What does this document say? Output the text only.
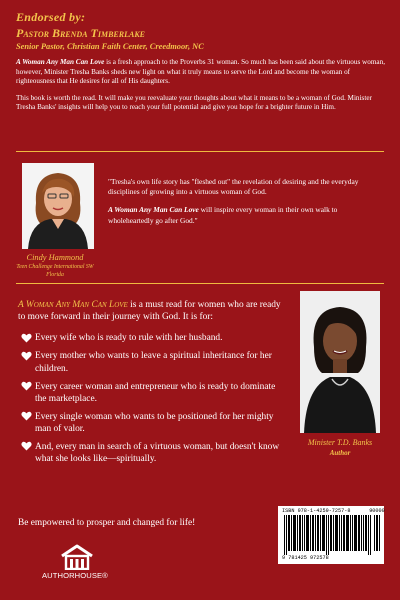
Endorsed by:
Pastor Brenda Timberlake
Senior Pastor, Christian Faith Center, Creedmoor, NC

A Woman Any Man Can Love is a fresh approach to the Proverbs 31 woman. So much has been said about the virtuous woman, however, Minister Tresha Banks sheds new light on what it truly means to serve the Lord and become the woman of righteousness that He desires for all of His daughters.

This book is worth the read. It will make you reevaluate your thoughts about what it means to be a woman of God. Minister Tresha Banks' insights will help you to reach your full potential and give you hope for a brighter future in Him.

Cindy Hammond
Teen Challenge International SW Florida

"Tresha's own life story has "fleshed out" the revelation of desiring and the everyday disciplines of growing into a virtuous woman of God.

A Woman Any Man Can Love will inspire every woman in their own walk to wholeheartedly go after God."

A Woman Any Man Can Love is a must read for women who are ready to move forward in their journey with God. It is for:

Every wife who is ready to rule with her husband.
Every mother who wants to leave a spiritual inheritance for her children.
Every career woman and entrepreneur who is ready to dominate the marketplace.
Every single woman who wants to be positioned for her mighty man of valor.
And, every man in search of a virtuous woman, but doesn't know what she looks like—spiritually.
Be empowered to prosper and changed for life!
Minister T.D. Banks
Author
AUTHORHOUSE®
ISBN 978-1-4259-7257-8	90000
9 781425 972578
